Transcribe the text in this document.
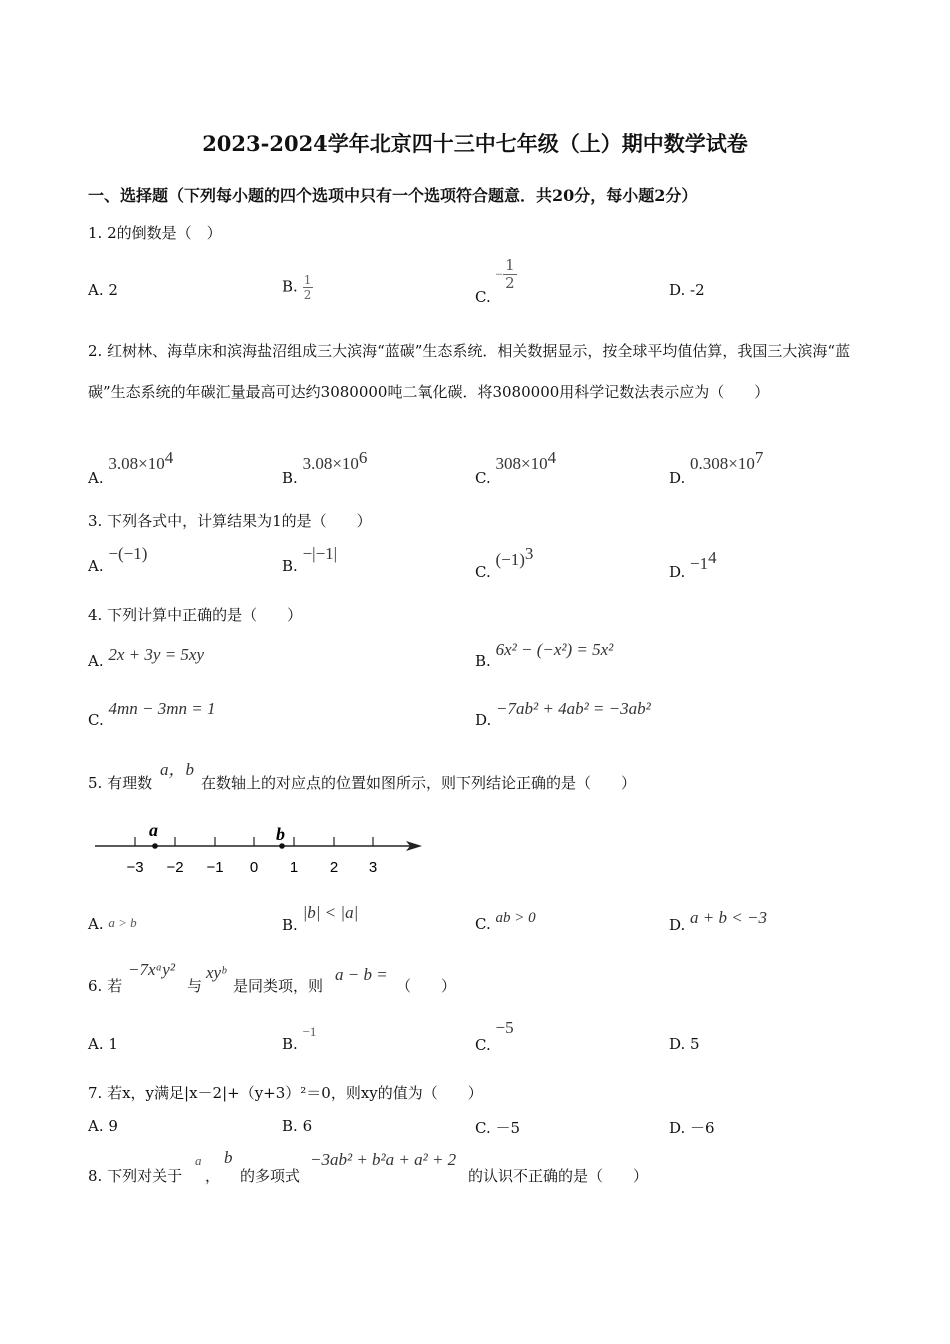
2023-2024学年北京四十三中七年级（上）期中数学试卷
一、选择题（下列每小题的四个选项中只有一个选项符合题意．共20分，每小题2分）
1. 2的倒数是（　）
A. 2	B. $\frac{1}{2}$	C. − $\frac{1}{2}$	D. -2
2. 红树林、海草床和滨海盐沼组成三大滨海“蓝碳”生态系统．相关数据显示，按全球平均值估算，我国三大滨海“蓝碳”生态系统的年碳汇量最高可达约3080000吨二氧化碳．将3080000用科学记数法表示应为（　　）
A. $3.08\times 10^4$
B. $3.08\times 10^6$
C. $308\times 10^4$
D. $0.308\times 10^7$
3. 下列各式中，计算结果为1的是（　　）
A. −(−1)
B. −|−1|
C. $(-1)^3$
D. $-1^4$
4. 下列计算中正确的是（　　）
A. 2x + 3y = 5xy	B. 6x² − (−x²) = 5x²
C. 4mn − 3mn = 1
D. −7ab² + 4ab² = −3ab²
5. 有理数
a，b
在数轴上的对应点的位置如图所示，则下列结论正确的是（　　）
a	b
−3 −2 −1 0 1 2 3
A. a > b	B. |b| < |a|
C. ab > 0	D. a + b < −3
6. 若
−7xᵃy²
与
xyᵇ
是同类项，则
a − b =
（　　）
A. 1	B. −1
C. −5
D. 5
7. 若x，y满足|x－2|+（y+3）²＝0，则xy的值为（　　）
A. 9	B. 6	C. －5	D. －6
8. 下列对关于
a
，
b
的多项式
−3ab² + b²a + a² + 2
的认识不正确的是（　　）
